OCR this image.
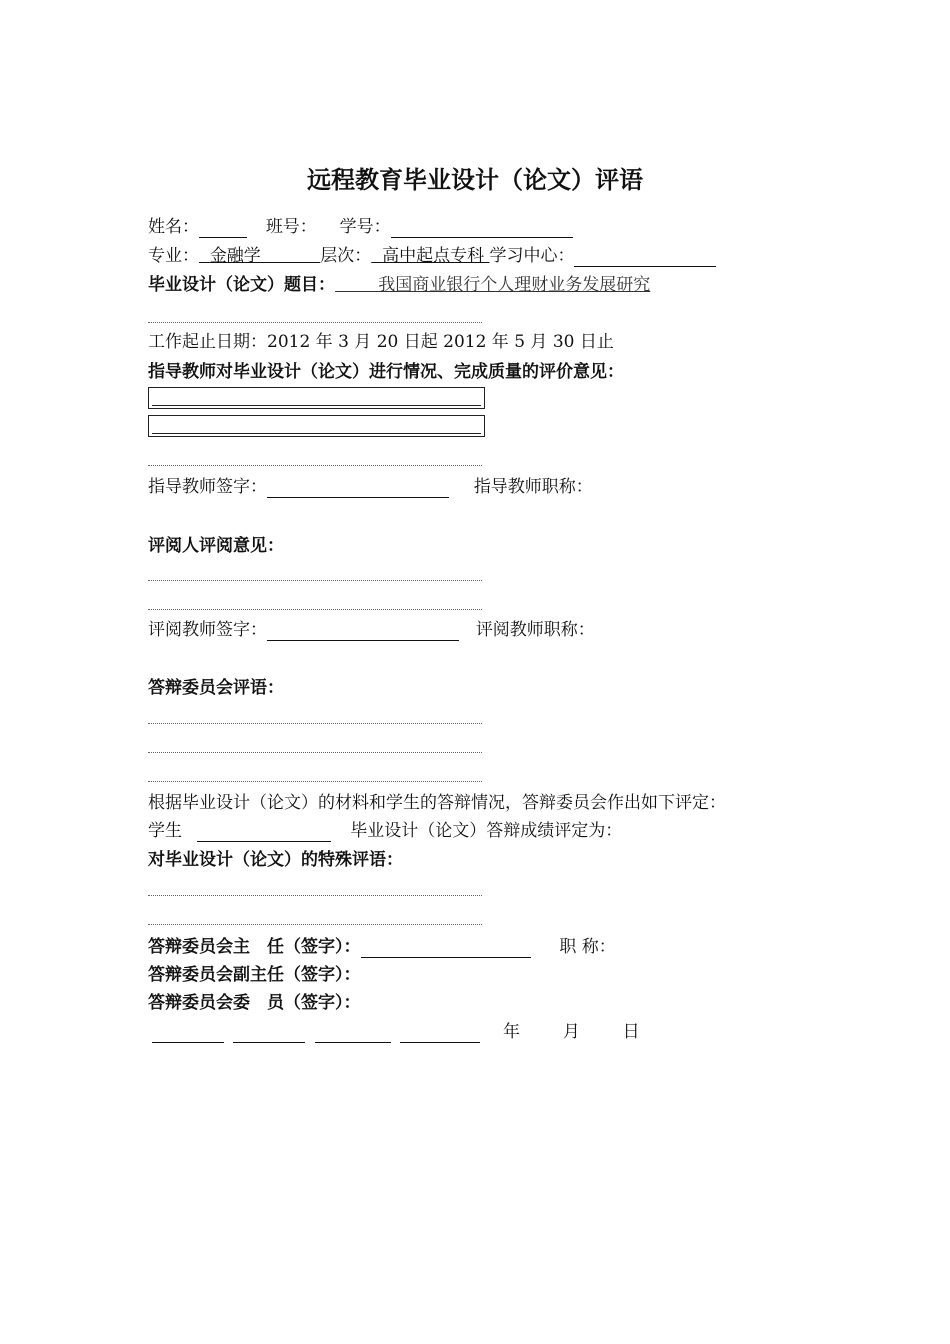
远程教育毕业设计（论文）评语
姓名：	班号： 学号：
专业： 金融学	层次： 高中起点专科 学习中心：
毕业设计（论文）题目：	我国商业银行个人理财业务发展研究
工作起止日期：2012 年 3 月 20 日起 2012 年 5 月 30 日止
指导教师对毕业设计（论文）进行情况、完成质量的评价意见：
指导教师签字：	指导教师职称：
评阅人评阅意见：
评阅教师签字：	评阅教师职称：
答辩委员会评语：
根据毕业设计（论文）的材料和学生的答辩情况，答辩委员会作出如下评定：
学生	毕业设计（论文）答辩成绩评定为：
对毕业设计（论文）的特殊评语：
答辩委员会主　任（签字）：	职 称：
答辩委员会副主任（签字）：
答辩委员会委　员（签字）：
年	月	日
